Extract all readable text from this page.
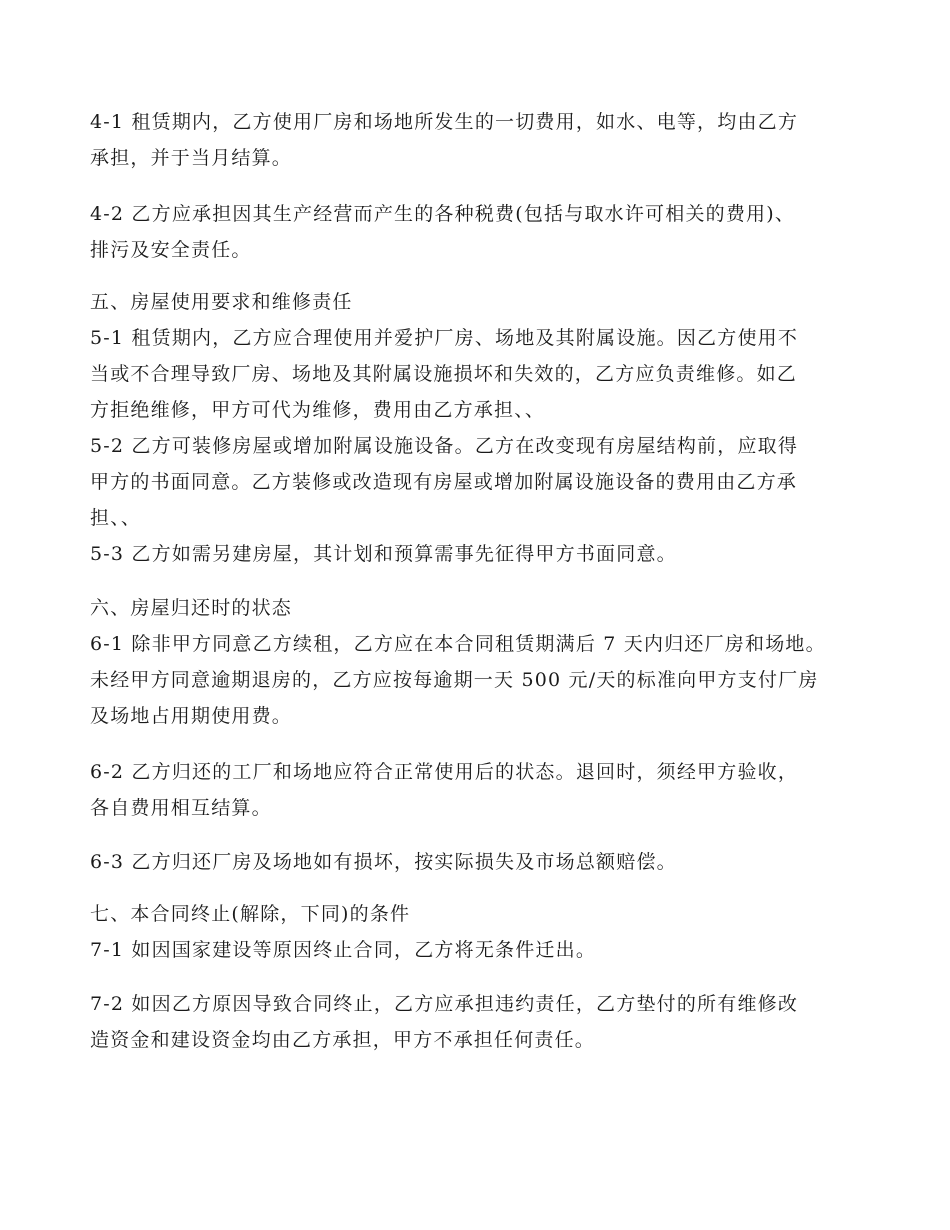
4-1 租赁期内，乙方使用厂房和场地所发生的一切费用，如水、电等，均由乙方
承担，并于当月结算。
4-2 乙方应承担因其生产经营而产生的各种税费(包括与取水许可相关的费用)、
排污及安全责任。
五、房屋使用要求和维修责任
5-1 租赁期内，乙方应合理使用并爱护厂房、场地及其附属设施。因乙方使用不
当或不合理导致厂房、场地及其附属设施损坏和失效的，乙方应负责维修。如乙
方拒绝维修，甲方可代为维修，费用由乙方承担、、
5-2 乙方可装修房屋或增加附属设施设备。乙方在改变现有房屋结构前，应取得
甲方的书面同意。乙方装修或改造现有房屋或增加附属设施设备的费用由乙方承
担、、
5-3 乙方如需另建房屋，其计划和预算需事先征得甲方书面同意。
六、房屋归还时的状态
6-1 除非甲方同意乙方续租，乙方应在本合同租赁期满后 7 天内归还厂房和场地。
未经甲方同意逾期退房的，乙方应按每逾期一天 500 元/天的标准向甲方支付厂房
及场地占用期使用费。
6-2 乙方归还的工厂和场地应符合正常使用后的状态。退回时，须经甲方验收，
各自费用相互结算。
6-3 乙方归还厂房及场地如有损坏，按实际损失及市场总额赔偿。
七、本合同终止(解除，下同)的条件
7-1 如因国家建设等原因终止合同，乙方将无条件迁出。
7-2 如因乙方原因导致合同终止，乙方应承担违约责任，乙方垫付的所有维修改
造资金和建设资金均由乙方承担，甲方不承担任何责任。
